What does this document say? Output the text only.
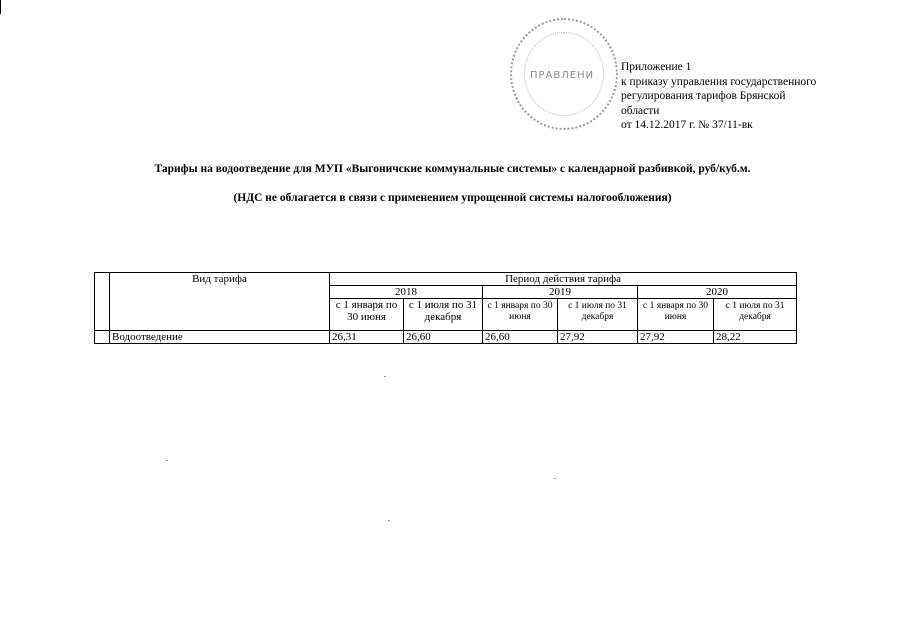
ПРАВЛЕНИ
Приложение 1
к приказу управления государственного
регулирования тарифов Брянской
области
от 14.12.2017 г. № 37/11-вк
Тарифы на водоотведение для МУП «Выгоничские коммунальные системы» с календарной разбивкой, руб/куб.м.
(НДС не облагается в связи с применением упрощенной системы налогообложения)
	Вид тарифа	Период действия тарифа					
		2018		2019		2020	
		с 1 января по 30 июня	с 1 июля по 31 декабря	с 1 января по 30 июня	с 1 июля по 31 декабря	с 1 января по 30 июня	с 1 июля по 31 декабря
	Водоотведение	26,31	26,60	26,60	27,92	27,92	28,22
